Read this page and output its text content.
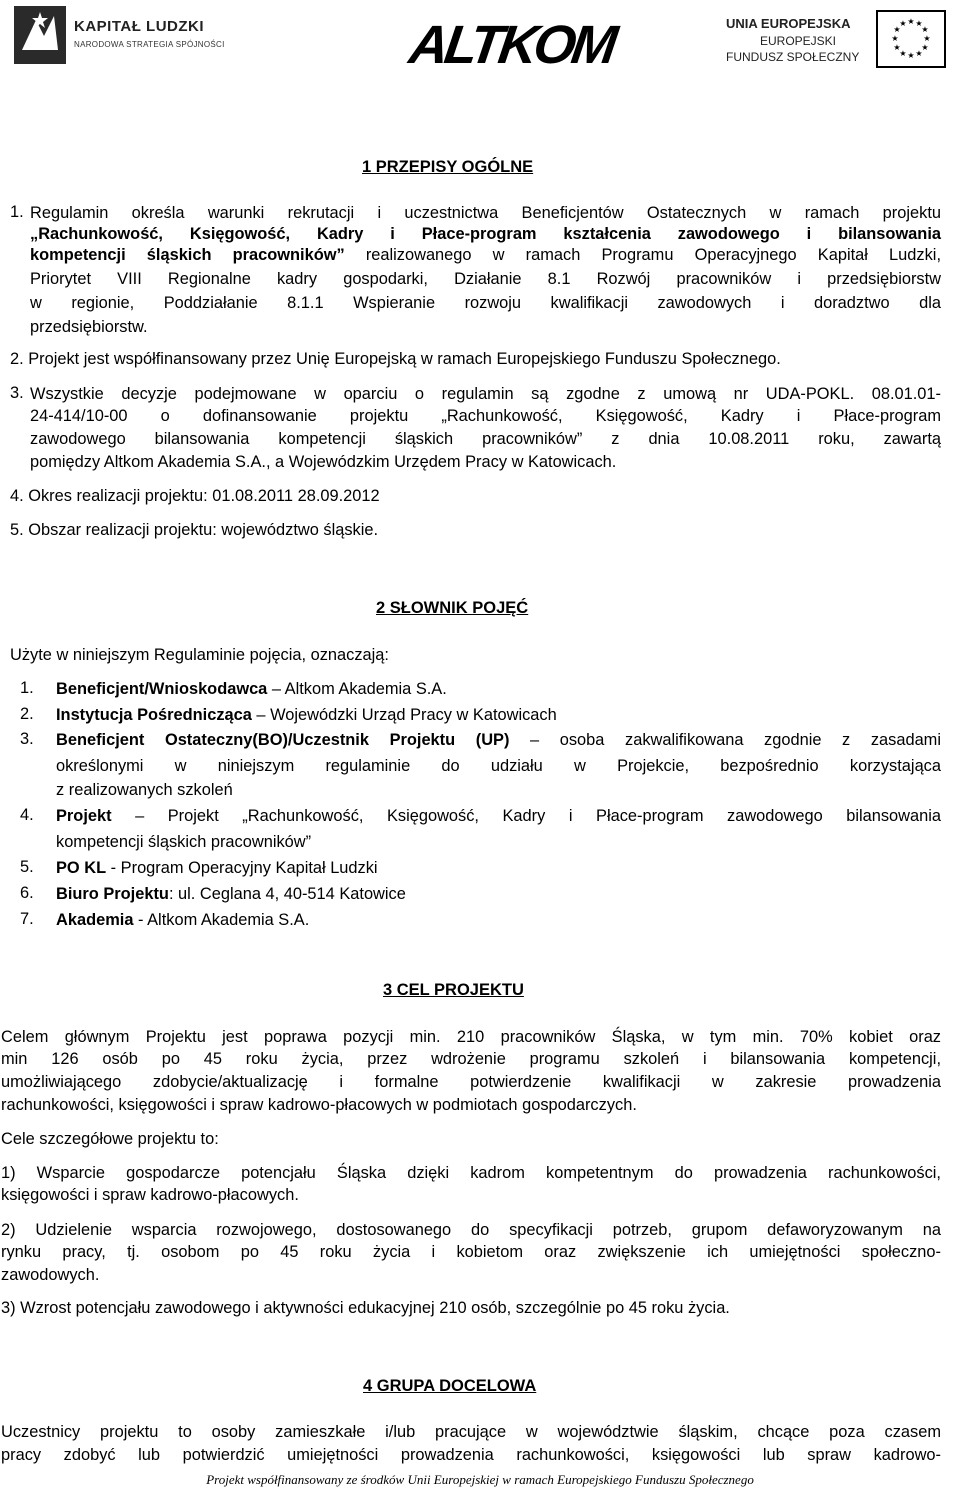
KAPITAŁ LUDZKI
NARODOWA STRATEGIA SPÓJNOŚCI	ALTKOM	UNIA EUROPEJSKA
EUROPEJSKI
FUNDUSZ SPOŁECZNY
★ ★
★
★
★
★
★
★
★
★
★
★
1 PRZEPISY OGÓLNE
1. Regulamin określa warunki rekrutacji i uczestnictwa Beneficjentów Ostatecznych w ramach projektu
„Rachunkowość, Księgowość, Kadry i Płace-program kształcenia zawodowego i bilansowania
kompetencji śląskich pracowników” realizowanego w ramach Programu Operacyjnego Kapitał Ludzki,
Priorytet VIII Regionalne kadry gospodarki, Działanie 8.1 Rozwój pracowników i przedsiębiorstw
w regionie, Poddziałanie 8.1.1 Wspieranie rozwoju kwalifikacji zawodowych i doradztwo dla
przedsiębiorstw.
2. Projekt jest współfinansowany przez Unię Europejską w ramach Europejskiego Funduszu Społecznego.
3. Wszystkie decyzje podejmowane w oparciu o regulamin są zgodne z umową nr UDA-POKL. 08.01.01-
24-414/10-00 o dofinansowanie projektu „Rachunkowość, Księgowość, Kadry i Płace-program
zawodowego bilansowania kompetencji śląskich pracowników” z dnia 10.08.2011 roku, zawartą
pomiędzy Altkom Akademia S.A., a Wojewódzkim Urzędem Pracy w Katowicach.
4. Okres realizacji projektu: 01.08.2011 28.09.2012
5. Obszar realizacji projektu: województwo śląskie.
2 SŁOWNIK POJĘĆ
Użyte w niniejszym Regulaminie pojęcia, oznaczają:
1. Beneficjent/Wnioskodawca – Altkom Akademia S.A.
2. Instytucja Pośrednicząca – Wojewódzki Urząd Pracy w Katowicach
3. Beneficjent Ostateczny(BO)/Uczestnik Projektu (UP) – osoba zakwalifikowana zgodnie z zasadami
określonymi w niniejszym regulaminie do udziału w Projekcie, bezpośrednio korzystająca
z realizowanych szkoleń
4. Projekt – Projekt „Rachunkowość, Księgowość, Kadry i Płace-program zawodowego bilansowania
kompetencji śląskich pracowników”
5. PO KL - Program Operacyjny Kapitał Ludzki
6. Biuro Projektu: ul. Ceglana 4, 40-514 Katowice
7. Akademia - Altkom Akademia S.A.
3 CEL PROJEKTU
Celem głównym Projektu jest poprawa pozycji min. 210 pracowników Śląska, w tym min. 70% kobiet oraz
min 126 osób po 45 roku życia, przez wdrożenie programu szkoleń i bilansowania kompetencji,
umożliwiającego zdobycie/aktualizację i formalne potwierdzenie kwalifikacji w zakresie prowadzenia
rachunkowości, księgowości i spraw kadrowo-płacowych w podmiotach gospodarczych.
Cele szczegółowe projektu to:
1) Wsparcie gospodarcze potencjału Śląska dzięki kadrom kompetentnym do prowadzenia rachunkowości,
księgowości i spraw kadrowo-płacowych.
2) Udzielenie wsparcia rozwojowego, dostosowanego do specyfikacji potrzeb, grupom defaworyzowanym na
rynku pracy, tj. osobom po 45 roku życia i kobietom oraz zwiększenie ich umiejętności społeczno-
zawodowych.
3) Wzrost potencjału zawodowego i aktywności edukacyjnej 210 osób, szczególnie po 45 roku życia.
4 GRUPA DOCELOWA
Uczestnicy projektu to osoby zamieszkałe i/lub pracujące w województwie śląskim, chcące poza czasem
pracy zdobyć lub potwierdzić umiejętności prowadzenia rachunkowości, księgowości lub spraw kadrowo-
Projekt współfinansowany ze środków Unii Europejskiej w ramach Europejskiego Funduszu Społecznego
